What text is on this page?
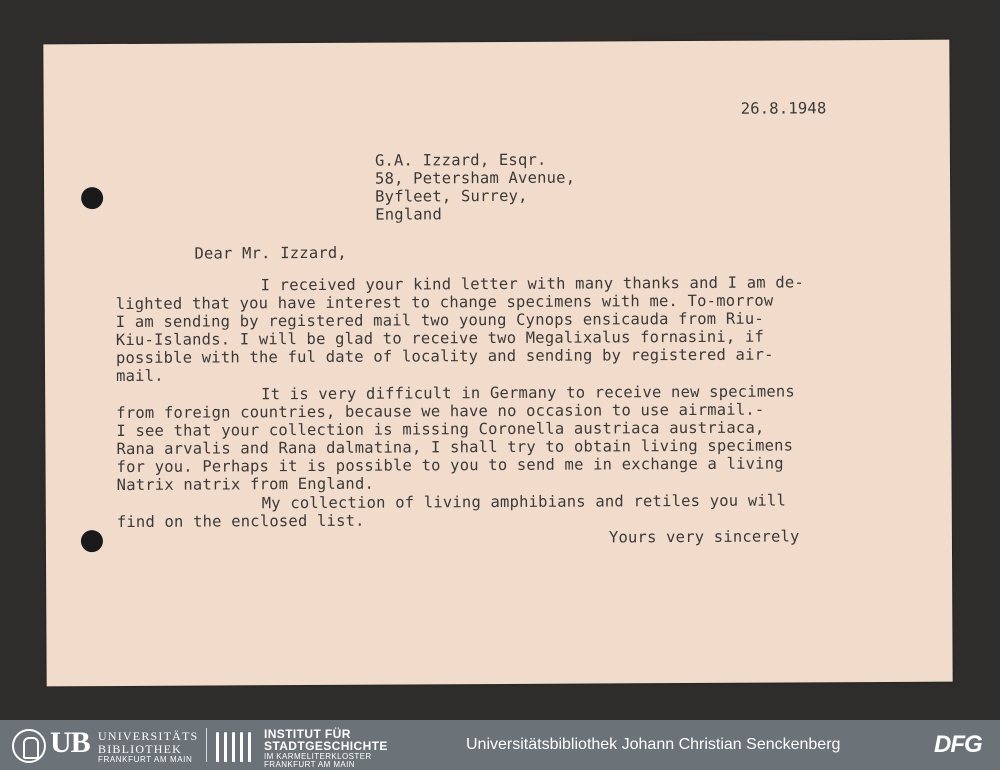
26.8.1948
G.A. Izzard, Esqr.
58, Petersham Avenue,
Byfleet, Surrey,
England
Dear Mr. Izzard,
I received your kind letter with many thanks and I am de-
lighted that you have interest to change specimens with me. To-morrow
I am sending by registered mail two young Cynops ensicauda from Riu-
Kiu-Islands. I will be glad to receive two Megalixalus fornasini, if
possible with the ful date of locality and sending by registered air-
mail.
It is very difficult in Germany to receive new specimens
from foreign countries, because we have no occasion to use airmail.-
I see that your collection is missing Coronella austriaca austriaca,
Rana arvalis and Rana dalmatina, I shall try to obtain living specimens
for you. Perhaps it is possible to you to send me in exchange a living
Natrix natrix from England.
My collection of living amphibians and retiles you will
find on the enclosed list.
Yours very sincerely
UB UNIVERSITÄTS
BIBLIOTHEK
FRANKFURT AM MAIN
INSTITUT FÜR
STADTGESCHICHTE
IM KARMELITERKLOSTER
FRANKFURT AM MAIN
Universitätsbibliothek Johann Christian Senckenberg	DFG
